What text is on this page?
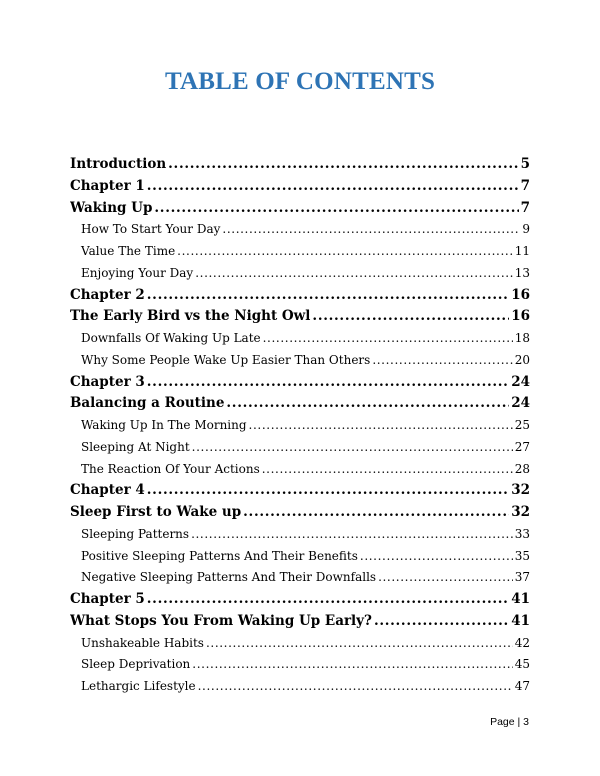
TABLE OF CONTENTS
Introduction . . .	5
Chapter 1 . . .	7
Waking Up . . .	7
How To Start Your Day . . .	9
Value The Time . . .	11
Enjoying Your Day . . .	13
Chapter 2 . . .	16
The Early Bird vs the Night Owl . . .	16
Downfalls Of Waking Up Late . . .	18
Why Some People Wake Up Easier Than Others . . .	20
Chapter 3 . . .	24
Balancing a Routine . . .	24
Waking Up In The Morning . . .	25
Sleeping At Night . . .	27
The Reaction Of Your Actions . . .	28
Chapter 4 . . .	32
Sleep First to Wake up . . .	32
Sleeping Patterns . . .	33
Positive Sleeping Patterns And Their Benefits . . .	35
Negative Sleeping Patterns And Their Downfalls . . .	37
Chapter 5 . . .	41
What Stops You From Waking Up Early? . . .	41
Unshakeable Habits . . .	42
Sleep Deprivation . . .	45
Lethargic Lifestyle . . .	47
Page | 3
